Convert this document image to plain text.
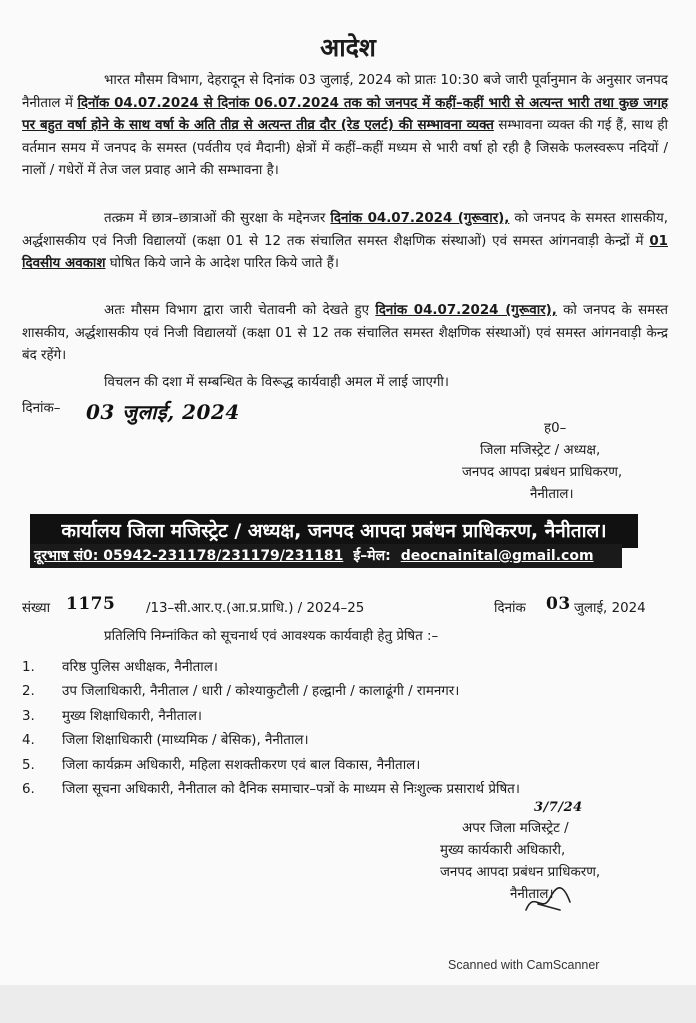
आदेश

भारत मौसम विभाग, देहरादून से दिनांक 03 जुलाई, 2024 को प्रातः 10:30 बजे जारी पूर्वानुमान के अनुसार जनपद नैनीताल में दिनॉक 04.07.2024 से दिनांक 06.07.2024 तक को जनपद में कहीं–कहीं भारी से अत्यन्त भारी तथा कुछ जगह पर बहुत वर्षा होने के साथ वर्षा के अति तीव्र से अत्यन्त तीव्र दौर (रेड एलर्ट) की सम्भावना व्यक्त सम्भावना व्यक्त की गई हैं, साथ ही वर्तमान समय में जनपद के समस्त (पर्वतीय एवं मैदानी) क्षेत्रों में कहीं–कहीं मध्यम से भारी वर्षा हो रही है जिसके फलस्वरूप नदियों / नालों / गधेरों में तेज जल प्रवाह आने की सम्भावना है।

तत्क्रम में छात्र–छात्राओं की सुरक्षा के मद्देनजर दिनांक 04.07.2024 (गुरूवार), को जनपद के समस्त शासकीय, अर्द्धशासकीय एवं निजी विद्यालयों (कक्षा 01 से 12 तक संचालित समस्त शैक्षणिक संस्थाओं) एवं समस्त आंगनवाड़ी केन्द्रों में 01 दिवसीय अवकाश घोषित किये जाने के आदेश पारित किये जाते हैं।

अतः मौसम विभाग द्वारा जारी चेतावनी को देखते हुए दिनांक 04.07.2024 (गुरूवार), को जनपद के समस्त शासकीय, अर्द्धशासकीय एवं निजी विद्यालयों (कक्षा 01 से 12 तक संचालित समस्त शैक्षणिक संस्थाओं) एवं समस्त आंगनवाड़ी केन्द्र बंद रहेंगे।

विचलन की दशा में सम्बन्धित के विरूद्ध कार्यवाही अमल में लाई जाएगी।

दिनांक– 03 जुलाई, 2024
ह0–
जिला मजिस्ट्रेट / अध्यक्ष,
जनपद आपदा प्रबंधन प्राधिकरण,
नैनीताल।
कार्यालय जिला मजिस्ट्रेट / अध्यक्ष, जनपद आपदा प्रबंधन प्राधिकरण, नैनीताल।
दूरभाष सं0: 05942-231178/231179/231181 ई–मेल: deocnainital@gmail.com
संख्या 1175 /13–सी.आर.ए.(आ.प्र.प्राधि.) / 2024–25	दिनांक 03 जुलाई, 2024
प्रतिलिपि निम्नांकित को सूचनार्थ एवं आवश्यक कार्यवाही हेतु प्रेषित :–
1.	वरिष्ठ पुलिस अधीक्षक, नैनीताल।
2.	उप जिलाधिकारी, नैनीताल / धारी / कोश्याकुटौली / हल्द्वानी / कालाढूंगी / रामनगर।
3.	मुख्य शिक्षाधिकारी, नैनीताल।
4.	जिला शिक्षाधिकारी (माध्यमिक / बेसिक), नैनीताल।
5.	जिला कार्यक्रम अधिकारी, महिला सशक्तीकरण एवं बाल विकास, नैनीताल।
6.	जिला सूचना अधिकारी, नैनीताल को दैनिक समाचार–पत्रों के माध्यम से निःशुल्क प्रसारार्थ प्रेषित।
3/7/24
अपर जिला मजिस्ट्रेट /
मुख्य कार्यकारी अधिकारी,
जनपद आपदा प्रबंधन प्राधिकरण,
नैनीताल।
Scanned with CamScanner
